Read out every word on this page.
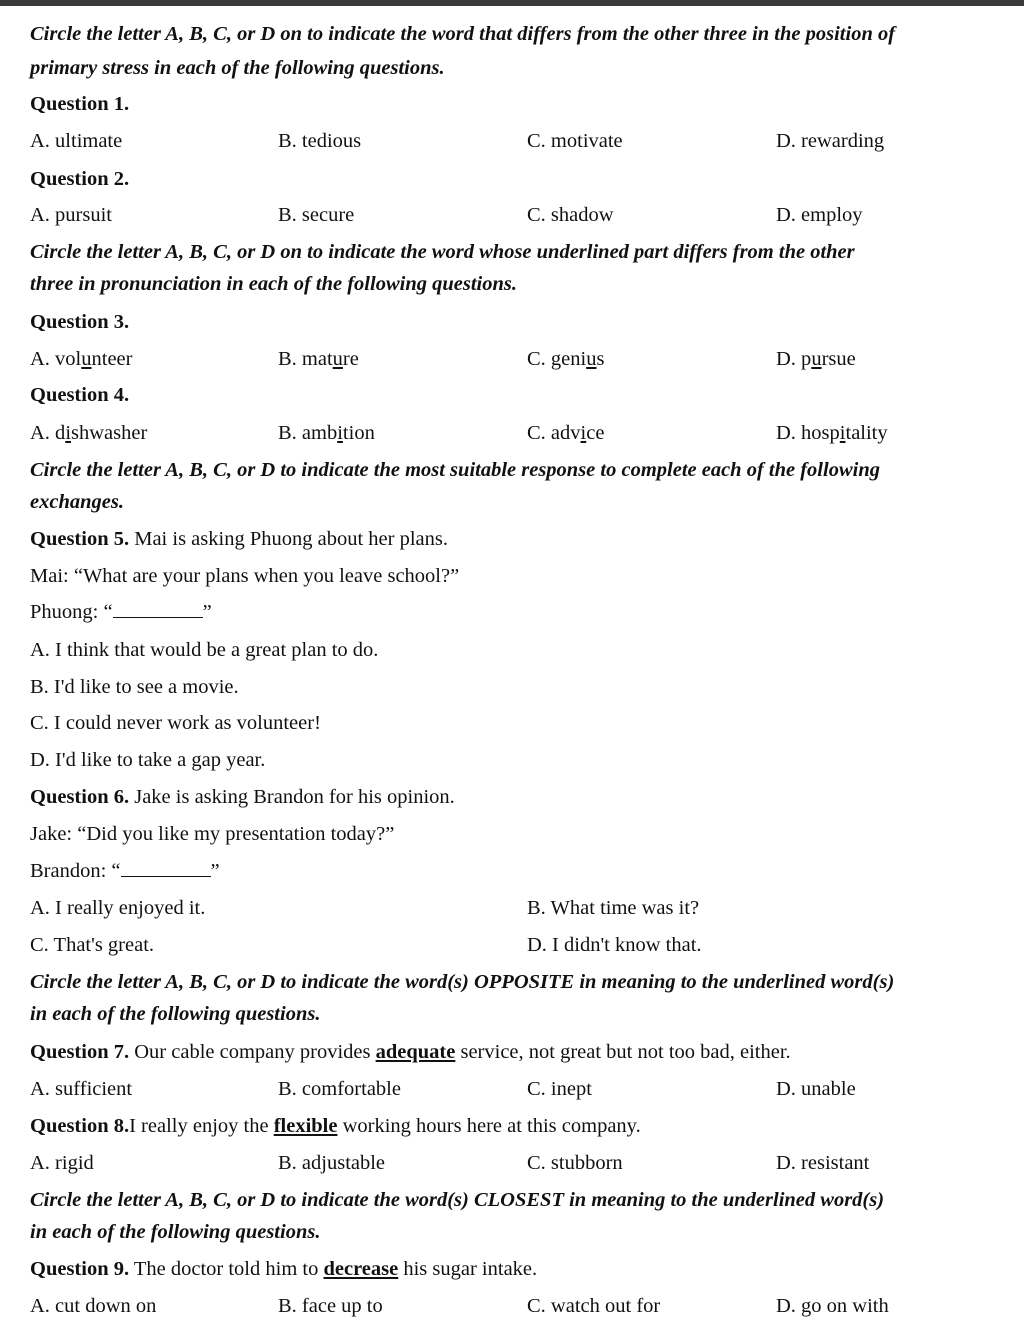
Circle the letter A, B, C, or D on to indicate the word that differs from the other three in the position of
primary stress in each of the following questions.
Question 1.
A. ultimate	B. tedious	C. motivate	D. rewarding
Question 2.
A. pursuit	B. secure	C. shadow	D. employ
Circle the letter A, B, C, or D on to indicate the word whose underlined part differs from the other
three in pronunciation in each of the following questions.
Question 3.
A. volunteer	B. mature	C. genius	D. pursue
Question 4.
A. dishwasher	B. ambition	C. advice	D. hospitality
Circle the letter A, B, C, or D to indicate the most suitable response to complete each of the following
exchanges.
Question 5. Mai is asking Phuong about her plans.
Mai: “What are your plans when you leave school?”
Phuong: “	”
A. I think that would be a great plan to do.
B. I'd like to see a movie.
C. I could never work as volunteer!
D. I'd like to take a gap year.
Question 6. Jake is asking Brandon for his opinion.
Jake: “Did you like my presentation today?”
Brandon: “	”
A. I really enjoyed it.	B. What time was it?
C. That's great.	D. I didn't know that.
Circle the letter A, B, C, or D to indicate the word(s) OPPOSITE in meaning to the underlined word(s)
in each of the following questions.
Question 7. Our cable company provides adequate service, not great but not too bad, either.
A. sufficient	B. comfortable	C. inept	D. unable
Question 8.I really enjoy the flexible working hours here at this company.
A. rigid	B. adjustable	C. stubborn	D. resistant
Circle the letter A, B, C, or D to indicate the word(s) CLOSEST in meaning to the underlined word(s)
in each of the following questions.
Question 9. The doctor told him to decrease his sugar intake.
A. cut down on	B. face up to	C. watch out for	D. go on with
